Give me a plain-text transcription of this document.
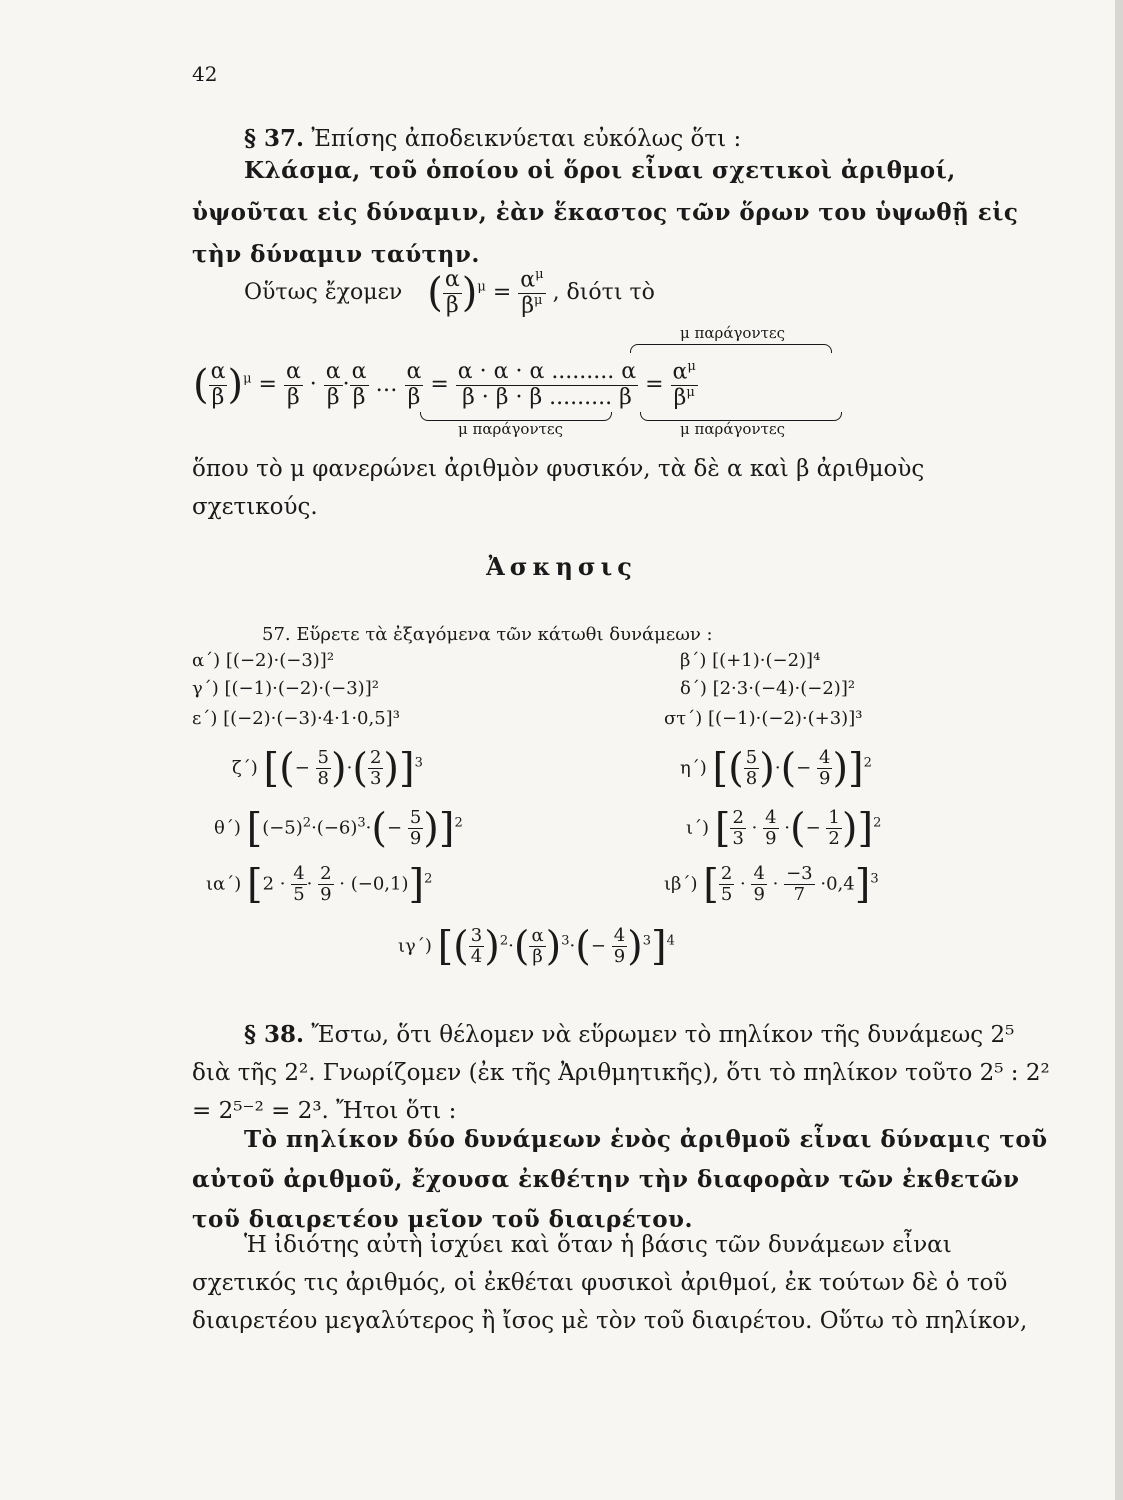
42
§ 37. Ἐπίσης ἀποδεικνύεται εὐκόλως ὅτι :
Κλάσμα, τοῦ ὁποίου οἱ ὅροι εἶναι σχετικοὶ ἀριθμοί, ὑψοῦται εἰς δύναμιν, ἐὰν ἕκαστος τῶν ὅρων του ὑψωθῇ εἰς τὴν δύναμιν ταύτην.
Οὕτως ἔχομεν ( $\frac{\alpha}{\beta} )^\mu = \frac{\alpha^\mu}{\beta^\mu}$ , διότι τὸ
μ παράγοντες
( $\frac{\alpha}{\beta} )^\mu = \frac{\alpha}{\beta} \cdot \frac{\alpha}{\beta} \cdot \frac{\alpha}{\beta}$ … $\frac{\alpha}{\beta} = \frac{\alpha \cdot \alpha \cdot \alpha ......... \alpha}{\beta \cdot \beta \cdot \beta ......... \beta} = \frac{\alpha^\mu}{\beta^\mu}$
μ παράγοντες	μ παράγοντες
ὅπου τὸ μ φανερώνει ἀριθμὸν φυσικόν, τὰ δὲ α καὶ β ἀριθμοὺς σχετικούς.
Ἀσκησις
57. Εὕρετε τὰ ἐξαγόμενα τῶν κάτωθι δυνάμεων :
α΄) [(−2)·(−3)]²	β΄) [(+1)·(−2)]⁴
γ΄) [(−1)·(−2)·(−3)]²	δ΄) [2·3·(−4)·(−2)]²
ε΄) [(−2)·(−3)·4·1·0,5]³	στ΄) [(−1)·(−2)·(+3)]³
ζ΄) [(− $\frac{5}{8}$ )·( $\frac{2}{3} )]^3$	η΄) [( $\frac{5}{8}$ )·(− $\frac{4}{9} )]^2$
θ΄) $[(-5)^2\cdot(-6)^3\cdot(- \frac{5}{9} )]^2$	ι΄) [ $\frac{2}{3} \cdot \frac{4}{9}$ ·(− $\frac{1}{2} )]^2$
ια΄) $[2 \cdot \frac{4}{5} \cdot \frac{2}{9} \cdot (-0,1)]^2$	ιβ΄) [ $\frac{2}{5} \cdot \frac{4}{9} \cdot \frac{-3}{7} \cdot 0,4]^3$
ιγ΄) [( $\frac{3}{4} )^2\cdot( \frac{\alpha}{\beta} )^3\cdot(- \frac{4}{9} )^3]^4$
§ 38. Ἔστω, ὅτι θέλομεν νὰ εὕρωμεν τὸ πηλίκον τῆς δυνάμεως 2⁵ διὰ τῆς 2². Γνωρίζομεν (ἐκ τῆς Ἀριθμητικῆς), ὅτι τὸ πηλίκον τοῦτο 2⁵ : 2² = 2⁵⁻² = 2³. Ἤτοι ὅτι :
Τὸ πηλίκον δύο δυνάμεων ἑνὸς ἀριθμοῦ εἶναι δύναμις τοῦ αὐτοῦ ἀριθμοῦ, ἔχουσα ἐκθέτην τὴν διαφορὰν τῶν ἐκθετῶν τοῦ διαιρετέου μεῖον τοῦ διαιρέτου.
Ἡ ἰδιότης αὐτὴ ἰσχύει καὶ ὅταν ἡ βάσις τῶν δυνάμεων εἶναι σχετικός τις ἀριθμός, οἱ ἐκθέται φυσικοὶ ἀριθμοί, ἐκ τούτων δὲ ὁ τοῦ διαιρετέου μεγαλύτερος ἢ ἴσος μὲ τὸν τοῦ διαιρέτου. Οὕτω τὸ πηλίκον,
